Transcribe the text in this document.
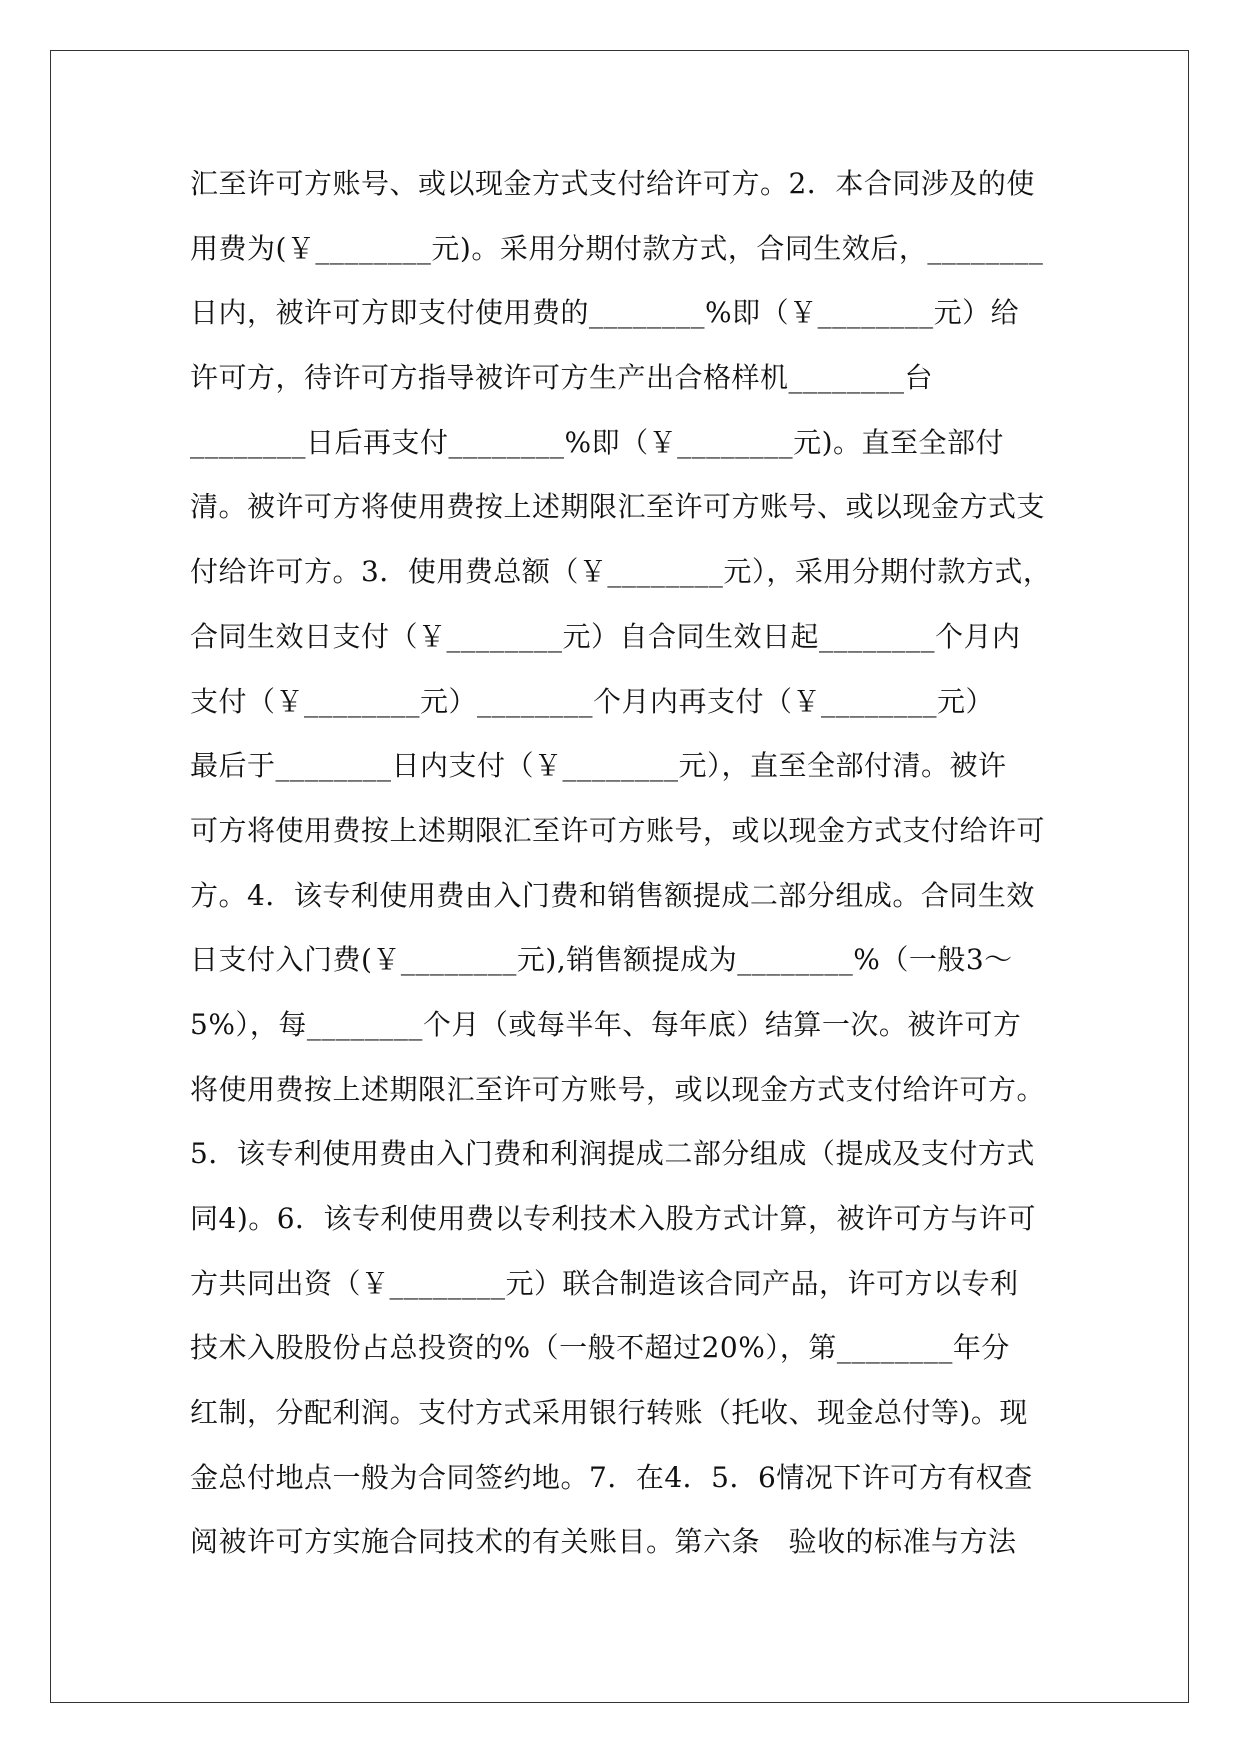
汇至许可方账号、或以现金方式支付给许可方。2．本合同涉及的使
用费为(￥________元)。采用分期付款方式，合同生效后，________
日内，被许可方即支付使用费的________%即（￥________元）给
许可方，待许可方指导被许可方生产出合格样机________台
________日后再支付________%即（￥________元)。直至全部付
清。被许可方将使用费按上述期限汇至许可方账号、或以现金方式支
付给许可方。3．使用费总额（￥________元），采用分期付款方式，
合同生效日支付（￥________元）自合同生效日起________个月内
支付（￥________元）________个月内再支付（￥________元）
最后于________日内支付（￥________元），直至全部付清。被许
可方将使用费按上述期限汇至许可方账号，或以现金方式支付给许可
方。4．该专利使用费由入门费和销售额提成二部分组成。合同生效
日支付入门费(￥________元),销售额提成为________%（一般3～
5%），每________个月（或每半年、每年底）结算一次。被许可方
将使用费按上述期限汇至许可方账号，或以现金方式支付给许可方。
5．该专利使用费由入门费和利润提成二部分组成（提成及支付方式
同4)。6．该专利使用费以专利技术入股方式计算，被许可方与许可
方共同出资（￥________元）联合制造该合同产品，许可方以专利
技术入股股份占总投资的%（一般不超过20%），第________年分
红制，分配利润。支付方式采用银行转账（托收、现金总付等)。现
金总付地点一般为合同签约地。7．在4．5．6情况下许可方有权查
阅被许可方实施合同技术的有关账目。第六条　验收的标准与方法
